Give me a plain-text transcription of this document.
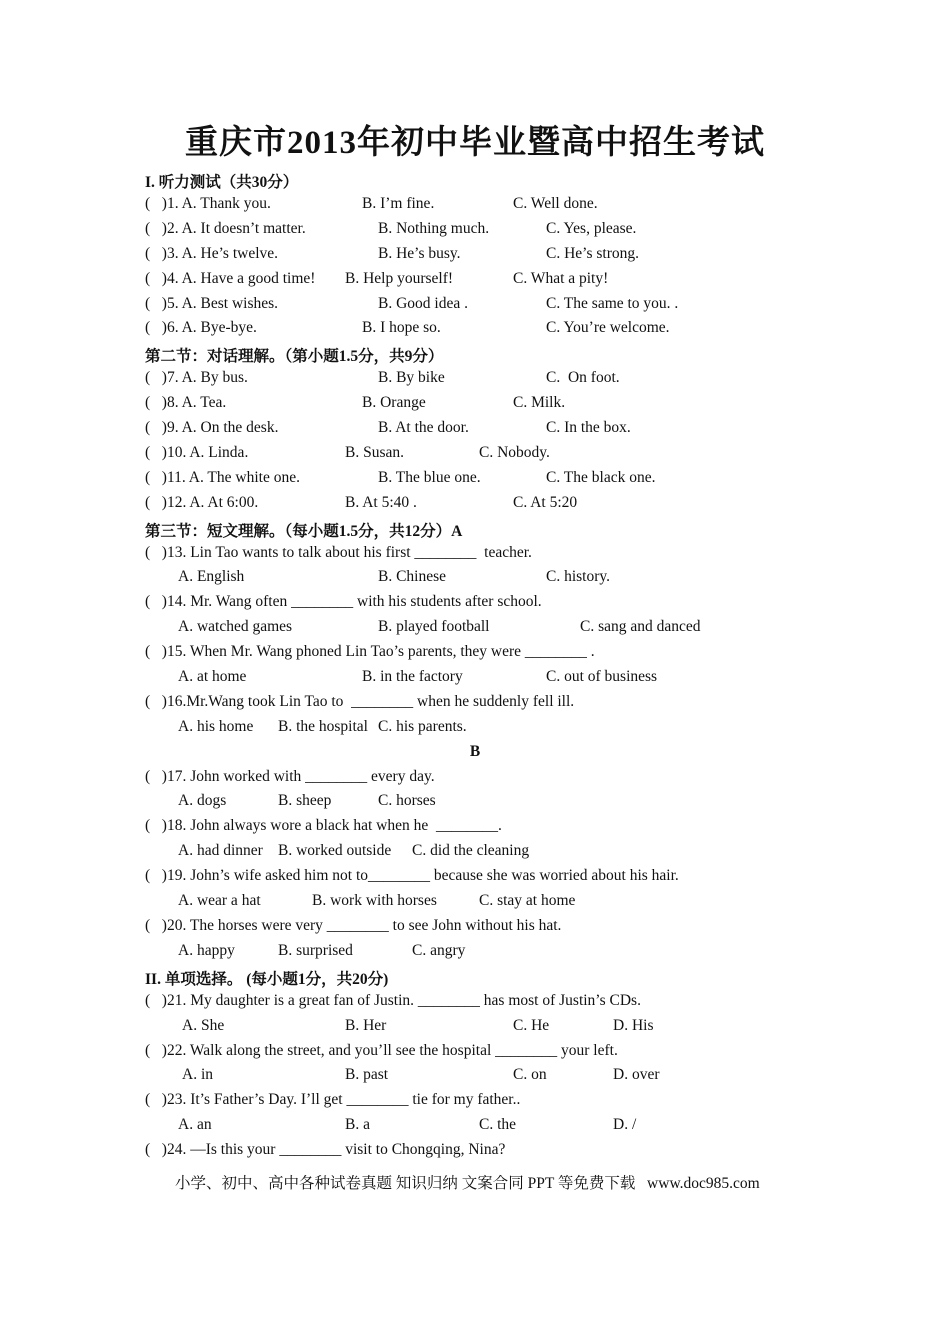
重庆市2013年初中毕业暨高中招生考试
I. 听力测试（共30分）

(   )1. A. Thank you.

	B. I’m fine.

	C. Well done.

(   )2. A. It doesn’t matter.

	B. Nothing much.

	C. Yes, please.

(   )3. A. He’s twelve.

	B. He’s busy.

	C. He’s strong.

(   )4. A. Have a good time!

B. Help yourself!

	C. What a pity!

(   )5. A. Best wishes.

	B. Good idea .

	C. The same to you. .

(   )6. A. Bye-bye.

	B. I hope so.

	C. You’re welcome.

第二节：对话理解。（第小题1.5分，共9分）

(   )7. A. By bus.

	B. By bike

	C.  On foot.

(   )8. A. Tea.

	B. Orange

	C. Milk.

(   )9. A. On the desk.

	B. At the door.

	C. In the box.

(   )10. A. Linda.

	B. Susan.

	C. Nobody.

(   )11. A. The white one.

	B. The blue one.

	C. The black one.

(   )12. A. At 6:00.

	B. At 5:40 .

	C. At 5:20

第三节：短文理解。（每小题1.5分，共12分）A
(   )13. Lin Tao wants to talk about his first ________  teacher.

A. English

	B. Chinese

	C. history.

(   )14. Mr. Wang often ________ with his students after school.

A. watched games

	B. played football

	C. sang and danced

(   )15. When Mr. Wang phoned Lin Tao’s parents, they were ________ .

A. at home

	B. in the factory

	C. out of business

(   )16.Mr.Wang took Lin Tao to  ________ when he suddenly fell ill.

A. his home

B. the hospital

C. his parents.

B
(   )17. John worked with ________ every day.

A. dogs

	B. sheep

	C. horses

(   )18. John always wore a black hat when he  ________.

A. had dinner

B. worked outside

C. did the cleaning

(   )19. John’s wife asked him not to________ because she was worried about his hair.

A. wear a hat

	B. work with horses

	C. stay at home

(   )20. The horses were very ________ to see John without his hat.

A. happy

	B. surprised

	C. angry

II. 单项选择。 (每小题1分，共20分)
(   )21. My daughter is a great fan of Justin. ________ has most of Justin’s CDs.

A. She

	B. Her

	C. He

	D. His

(   )22. Walk along the street, and you’ll see the hospital ________ your left.

A. in

	B. past

	C. on

	D. over

(   )23. It’s Father’s Day. I’ll get ________ tie for my father..

A. an

	B. a

	C. the

	D. /

(   )24. —Is this your ________ visit to Chongqing, Nina?
小学、初中、高中各种试卷真题 知识归纳 文案合同 PPT 等免费下载   www.doc985.com
